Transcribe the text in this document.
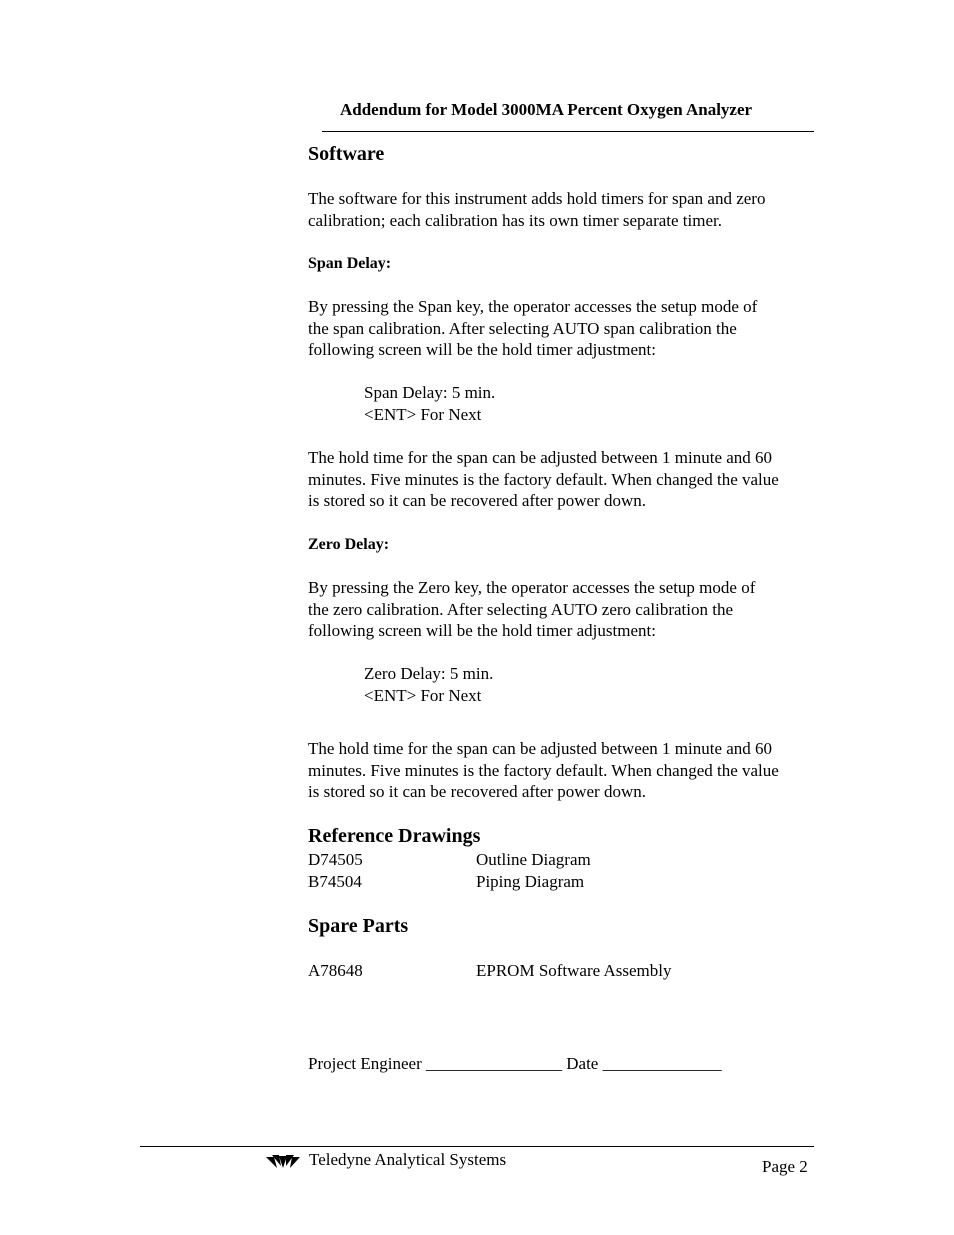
Addendum for Model 3000MA Percent Oxygen Analyzer
Software
The software for this instrument adds hold timers for span and zero
calibration; each calibration has its own timer separate timer.
Span Delay:
By pressing the Span key, the operator accesses the setup mode of
the span calibration. After selecting AUTO span calibration the
following screen will be the hold timer adjustment:
Span Delay: 5 min.
<ENT> For Next
The hold time for the span can be adjusted between 1 minute and 60
minutes. Five minutes is the factory default. When changed the value
is stored so it can be recovered after power down.
Zero Delay:
By pressing the Zero key, the operator accesses the setup mode of
the zero calibration. After selecting AUTO zero calibration the
following screen will be the hold timer adjustment:
Zero Delay: 5 min.
<ENT> For Next
The hold time for the span can be adjusted between 1 minute and 60
minutes. Five minutes is the factory default. When changed the value
is stored so it can be recovered after power down.
Reference Drawings
D74505	Outline Diagram
B74504	Piping Diagram
Spare Parts
A78648	EPROM Software Assembly
Project Engineer ________________ Date ______________
Teledyne Analytical Systems	Page 2
